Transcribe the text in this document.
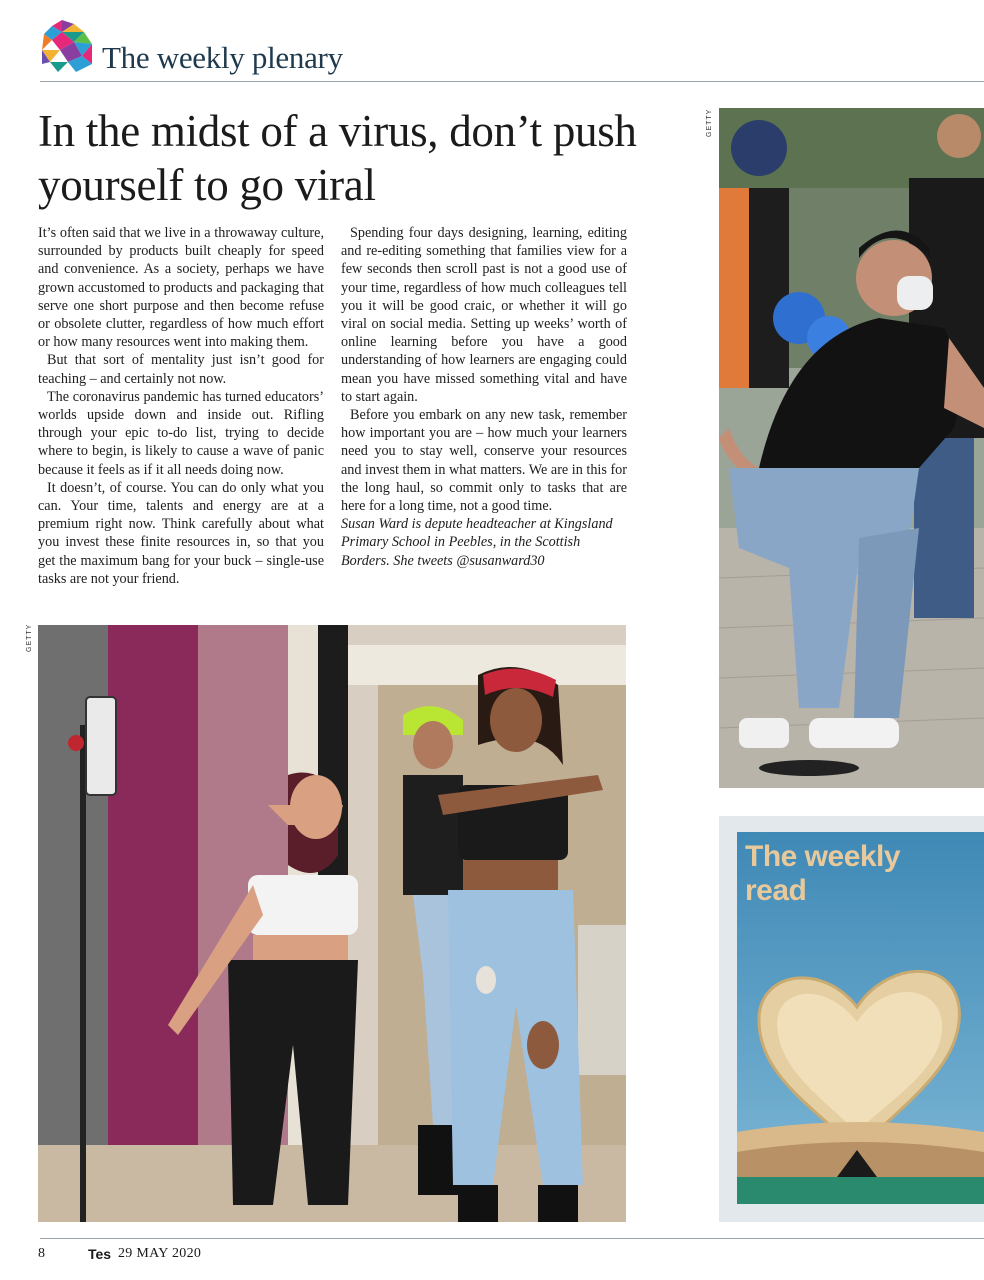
The weekly plenary
In the midst of a virus, don’t push yourself to go viral

It’s often said that we live in a throwaway culture, surrounded by products built cheaply for speed and convenience. As a society, perhaps we have grown accustomed to products and packaging that serve one short purpose and then become refuse or obsolete clutter, regardless of how much effort or how many resources went into making them.

But that sort of mentality just isn’t good for teaching – and certainly not now.

The coronavirus pandemic has turned educators’ worlds upside down and inside out. Rifling through your epic to-do list, trying to decide where to begin, is likely to cause a wave of panic because it feels as if it all needs doing now.

It doesn’t, of course. You can do only what you can. Your time, talents and energy are at a premium right now. Think carefully about what you invest these finite resources in, so that you get the maximum bang for your buck – single-use tasks are not your friend.

Spending four days designing, learning, editing and re-editing something that families view for a few seconds then scroll past is not a good use of your time, regardless of how much colleagues tell you it will be good craic, or whether it will go viral on social media. Setting up weeks’ worth of online learning before you have a good understanding of how learners are engaging could mean you have missed something vital and have to start again.

Before you embark on any new task, remember how important you are – how much your learners need you to stay well, conserve your resources and invest them in what matters. We are in this for the long haul, so commit only to tasks that are here for a long time, not a good time.

Susan Ward is depute headteacher at Kingsland Primary School in Peebles, in the Scottish Borders. She tweets @susanward30

GETTY
GETTY
The weekly read
8	Tes 29 MAY 2020
